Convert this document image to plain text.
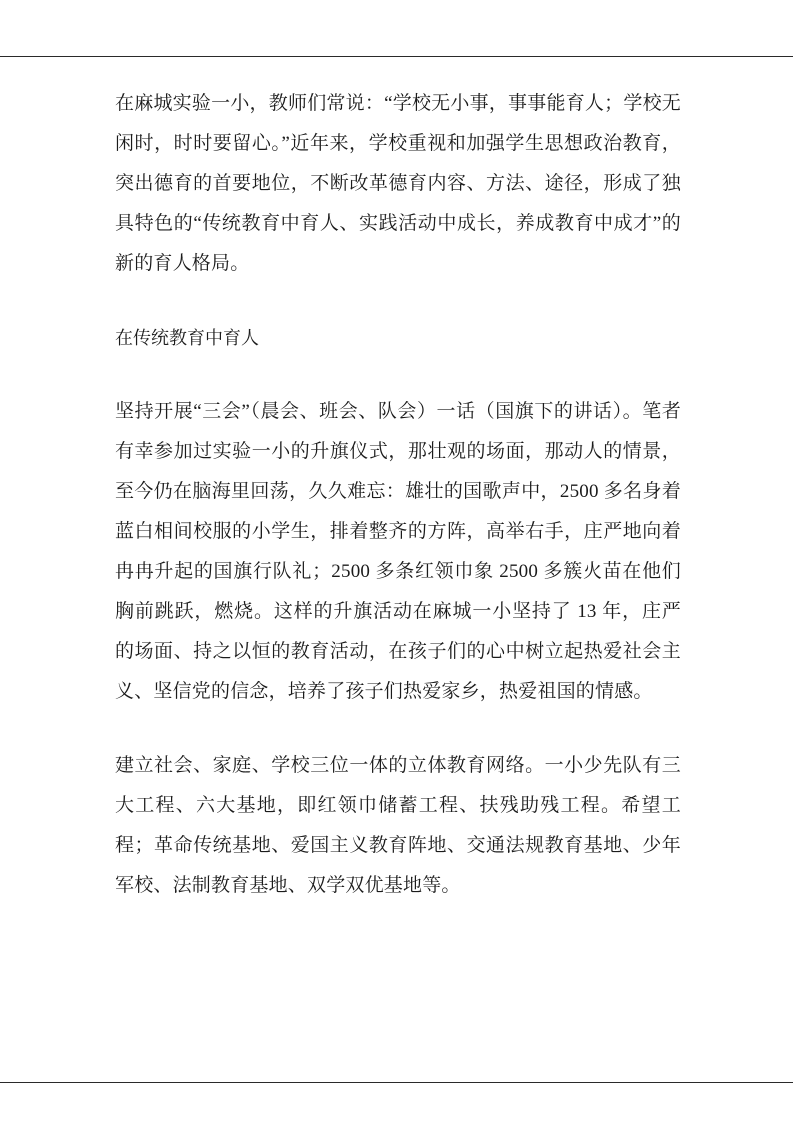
在麻城实验一小，教师们常说：“学校无小事，事事能育人；学校无闲时，时时要留心。”近年来，学校重视和加强学生思想政治教育，突出德育的首要地位，不断改革德育内容、方法、途径，形成了独具特色的“传统教育中育人、实践活动中成长，养成教育中成才”的新的育人格局。

在传统教育中育人

坚持开展“三会”（晨会、班会、队会）一话（国旗下的讲话）。笔者有幸参加过实验一小的升旗仪式，那壮观的场面，那动人的情景，至今仍在脑海里回荡，久久难忘：雄壮的国歌声中，2500 多名身着蓝白相间校服的小学生，排着整齐的方阵，高举右手，庄严地向着冉冉升起的国旗行队礼；2500 多条红领巾象 2500 多簇火苗在他们胸前跳跃，燃烧。这样的升旗活动在麻城一小坚持了 13 年，庄严的场面、持之以恒的教育活动，在孩子们的心中树立起热爱社会主义、坚信党的信念，培养了孩子们热爱家乡，热爱祖国的情感。

建立社会、家庭、学校三位一体的立体教育网络。一小少先队有三大工程、六大基地，即红领巾储蓄工程、扶残助残工程。希望工程；革命传统基地、爱国主义教育阵地、交通法规教育基地、少年军校、法制教育基地、双学双优基地等。
